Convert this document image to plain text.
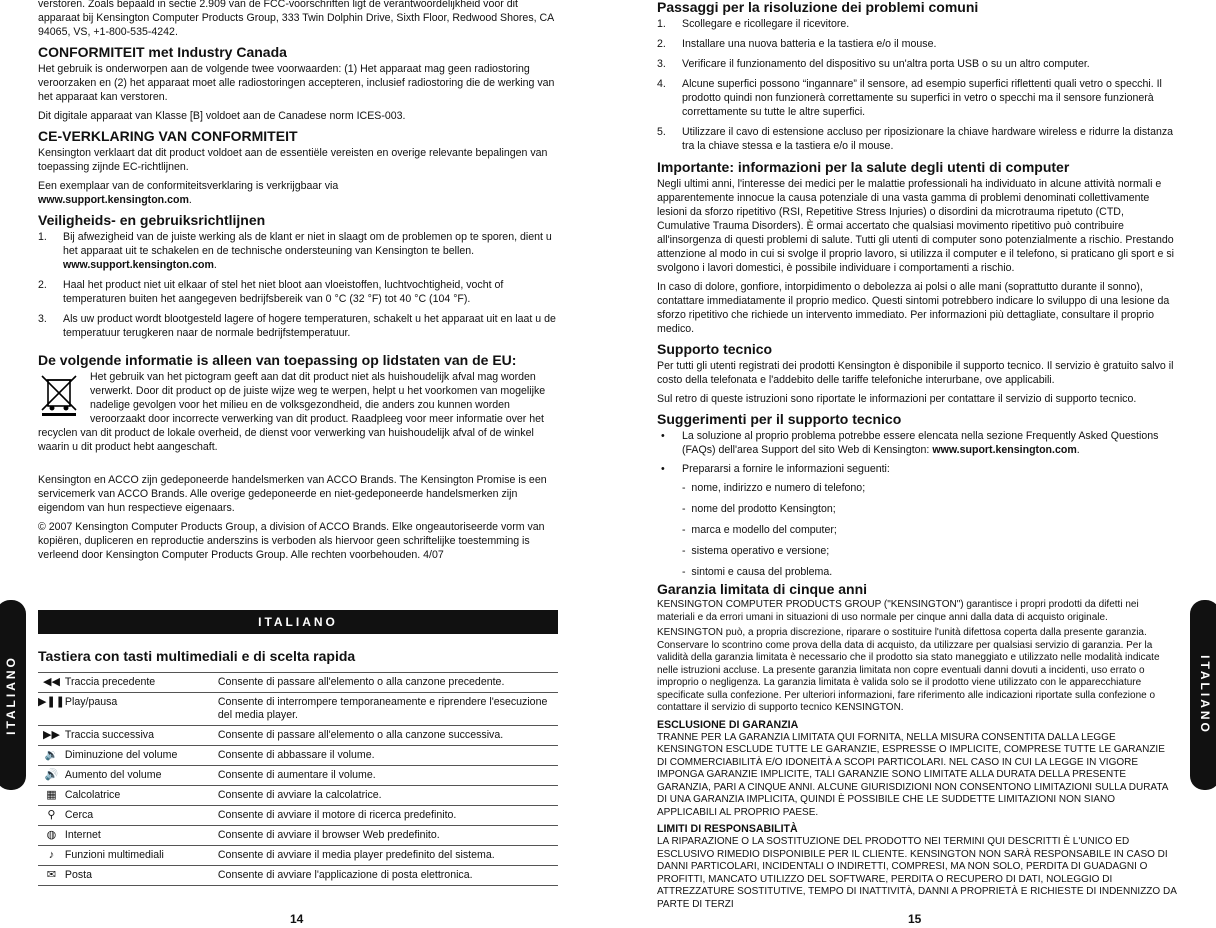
verstoren. Zoals bepaald in sectie 2.909 van de FCC-voorschriften ligt de verantwoordelijkheid voor dit apparaat bij Kensington Computer Products Group, 333 Twin Dolphin Drive, Sixth Floor, Redwood Shores, CA 94065, VS, +1-800-535-4242.

CONFORMITEIT met Industry Canada

Het gebruik is onderworpen aan de volgende twee voorwaarden: (1) Het apparaat mag geen radiostoring veroorzaken en (2) het apparaat moet alle radiostoringen accepteren, inclusief radiostoring die de werking van het apparaat kan verstoren.

Dit digitale apparaat van Klasse [B] voldoet aan de Canadese norm ICES-003.

CE-VERKLARING VAN CONFORMITEIT

Kensington verklaart dat dit product voldoet aan de essentiële vereisten en overige relevante bepalingen van toepassing zijnde EC-richtlijnen.

Een exemplaar van de conformiteitsverklaring is verkrijgbaar via
www.support.kensington.com.

Veiligheids- en gebruiksrichtlijnen
1. Bij afwezigheid van de juiste werking als de klant er niet in slaagt om de problemen op te sporen, dient u het apparaat uit te schakelen en de technische ondersteuning van Kensington te bellen.  www.support.kensington.com.
2. Haal het product niet uit elkaar of stel het niet bloot aan vloeistoffen, luchtvochtigheid, vocht of temperaturen buiten het aangegeven bedrijfsbereik van 0 °C (32 °F) tot 40 °C (104 °F).
3. Als uw product wordt blootgesteld lagere of hogere temperaturen, schakelt u het apparaat uit en laat u de temperatuur terugkeren naar de normale bedrijfstemperatuur.
De volgende informatie is alleen van toepassing op lidstaten van de EU:

Het gebruik van het pictogram geeft aan dat dit product niet als huishoudelijk afval mag worden verwerkt. Door dit product op de juiste wijze weg te werpen, helpt u het voorkomen van mogelijke nadelige gevolgen voor het milieu en de volksgezondheid, die anders zou kunnen worden veroorzaakt door incorrecte verwerking van dit product. Raadpleeg voor meer informatie over het recyclen van dit product de lokale overheid, de dienst voor verwerking van huishoudelijk afval of de winkel waarin u dit product hebt aangeschaft.

Kensington en ACCO zijn gedeponeerde handelsmerken van ACCO Brands. The Kensington Promise is een servicemerk van ACCO Brands. Alle overige gedeponeerde en niet-gedeponeerde handelsmerken zijn eigendom van hun respectieve eigenaars.

© 2007 Kensington Computer Products Group, a division of ACCO Brands. Elke ongeautoriseerde vorm van kopiëren, dupliceren en reproductie anderszins is verboden als hiervoor geen schriftelijke toestemming is verleend door Kensington Computer Products Group. Alle rechten voorbehouden. 4/07

ITALIANO
Tastiera con tasti multimediali e di scelta rapida
◀◀	Traccia precedente	Consente di passare all'elemento o alla canzone precedente.
▶❚❚	Play/pausa	Consente di interrompere temporaneamente e riprendere l'esecuzione del media player.
▶▶	Traccia successiva	Consente di passare all'elemento o alla canzone successiva.
🔉	Diminuzione del volume	Consente di abbassare il volume.
🔊	Aumento del volume	Consente di aumentare il volume.
▦	Calcolatrice	Consente di avviare la calcolatrice.
⚲	Cerca	Consente di avviare il motore di ricerca predefinito.
◍	Internet	Consente di avviare il browser Web predefinito.
♪	Funzioni multimediali	Consente di avviare il media player predefinito del sistema.
✉	Posta	Consente di avviare l'applicazione di posta elettronica.
14
ITALIANO
Passaggi per la risoluzione dei problemi comuni
1. Scollegare e ricollegare il ricevitore.
2. Installare una nuova batteria e la tastiera e/o il mouse.
3. Verificare il funzionamento del dispositivo su un'altra porta USB o su un altro computer.
4. Alcune superfici possono “ingannare” il sensore, ad esempio superfici riflettenti quali vetro o specchi. Il prodotto quindi non funzionerà correttamente su superfici in vetro o specchi ma il sensore funzionerà correttamente su tutte le altre superfici.
5. Utilizzare il cavo di estensione accluso per riposizionare la chiave hardware wireless e ridurre la distanza tra la chiave stessa e la tastiera e/o il mouse.
Importante: informazioni per la salute degli utenti di computer

Negli ultimi anni, l'interesse dei medici per le malattie professionali ha individuato in alcune attività normali e apparentemente innocue la causa potenziale di una vasta gamma di problemi denominati collettivamente lesioni da sforzo ripetitivo (RSI, Repetitive Stress Injuries) o disordini da microtrauma ripetuto (CTD, Cumulative Trauma Disorders). È ormai accertato che qualsiasi movimento ripetitivo può contribuire all'insorgenza di questi problemi di salute. Tutti gli utenti di computer sono potenzialmente a rischio. Prestando attenzione al modo in cui si svolge il proprio lavoro, si utilizza il computer e il telefono, si praticano gli sport e si svolgono i lavori domestici, è possibile individuare i comportamenti a rischio.

In caso di dolore, gonfiore, intorpidimento o debolezza ai polsi o alle mani (soprattutto durante il sonno), contattare immediatamente il proprio medico. Questi sintomi potrebbero indicare lo sviluppo di una lesione da sforzo ripetitivo che richiede un intervento immediato. Per informazioni più dettagliate, consultare il proprio medico.

Supporto tecnico

Per tutti gli utenti registrati dei prodotti Kensington è disponibile il supporto tecnico. Il servizio è gratuito salvo il costo della telefonata e l'addebito delle tariffe telefoniche interurbane, ove applicabili.

Sul retro di queste istruzioni sono riportate le informazioni per contattare il servizio di supporto tecnico.

Suggerimenti per il supporto tecnico
• La soluzione al proprio problema potrebbe essere elencata nella sezione Frequently Asked Questions (FAQs) dell'area Support del sito Web di Kensington: www.suport.kensington.com.
• Prepararsi a fornire le informazioni seguenti:
-  nome, indirizzo e numero di telefono;
-  nome del prodotto Kensington;
-  marca e modello del computer;
-  sistema operativo e versione;
-  sintomi e causa del problema.
Garanzia limitata di cinque anni

KENSINGTON COMPUTER PRODUCTS GROUP ("KENSINGTON") garantisce i propri prodotti da difetti nei materiali e da errori umani in situazioni di uso normale per cinque anni dalla data di acquisto originale.

KENSINGTON può, a propria discrezione, riparare o sostituire l'unità difettosa coperta dalla presente garanzia. Conservare lo scontrino come prova della data di acquisto, da utilizzare per qualsiasi servizio di garanzia. Per la validità della garanzia limitata è necessario che il prodotto sia stato maneggiato e utilizzato nelle modalità indicate nelle istruzioni accluse. La presente garanzia limitata non copre eventuali danni dovuti a incidenti, uso errato o improprio o negligenza. La garanzia limitata è valida solo se il prodotto viene utilizzato con le apparecchiature specificate sulla confezione. Per ulteriori informazioni, fare riferimento alle indicazioni riportate sulla confezione o contattare il servizio di supporto tecnico KENSINGTON.

ESCLUSIONE DI GARANZIA

TRANNE PER LA GARANZIA LIMITATA QUI FORNITA, NELLA MISURA CONSENTITA DALLA LEGGE KENSINGTON ESCLUDE TUTTE LE GARANZIE, ESPRESSE O IMPLICITE, COMPRESE TUTTE LE GARANZIE DI COMMERCIABILITÀ E/O IDONEITÀ A SCOPI PARTICOLARI. NEL CASO IN CUI LA LEGGE IN VIGORE IMPONGA GARANZIE IMPLICITE, TALI GARANZIE SONO LIMITATE ALLA DURATA DELLA PRESENTE GARANZIA, PARI A CINQUE ANNI. ALCUNE GIURISDIZIONI NON CONSENTONO LIMITAZIONI SULLA DURATA DI UNA GARANZIA IMPLICITA, QUINDI È POSSIBILE CHE LE SUDDETTE LIMITAZIONI NON SIANO APPLICABILI AL PROPRIO PAESE.

LIMITI DI RESPONSABILITÀ

LA RIPARAZIONE O LA SOSTITUZIONE DEL PRODOTTO NEI TERMINI QUI DESCRITTI È L'UNICO ED ESCLUSIVO RIMEDIO DISPONIBILE PER IL CLIENTE. KENSINGTON NON SARÀ RESPONSABILE IN CASO DI DANNI PARTICOLARI, INCIDENTALI O INDIRETTI, COMPRESI, MA NON SOLO, PERDITA DI GUADAGNI O PROFITTI, MANCATO UTILIZZO DEL SOFTWARE, PERDITA O RECUPERO DI DATI, NOLEGGIO DI ATTREZZATURE SOSTITUTIVE, TEMPO DI INATTIVITÀ, DANNI A PROPRIETÀ E RICHIESTE DI INDENNIZZO DA PARTE DI TERZI

15
ITALIANO
